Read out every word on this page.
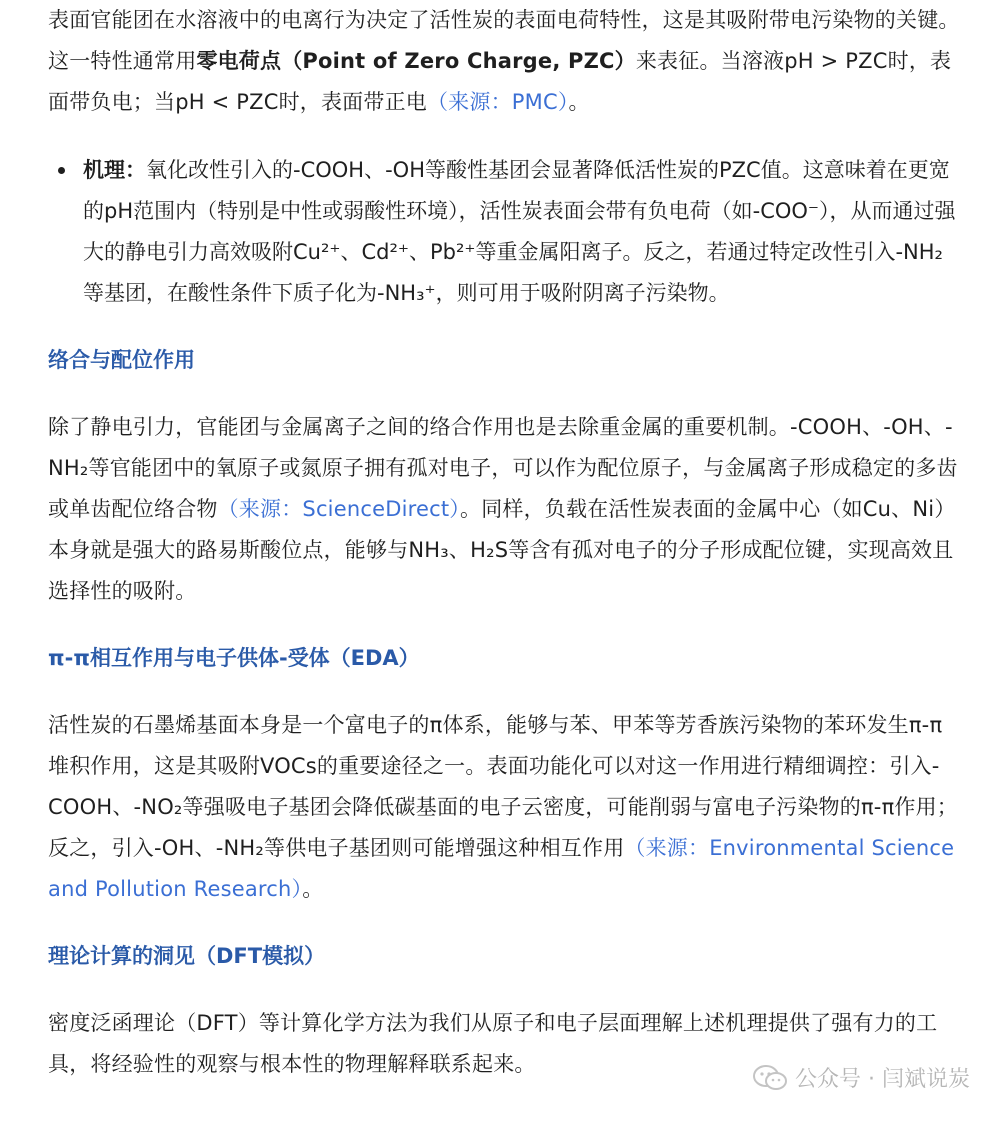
表面官能团在水溶液中的电离行为决定了活性炭的表面电荷特性，这是其吸附带电污染物的关键。这一特性通常用零电荷点（Point of Zero Charge, PZC）来表征。当溶液pH > PZC时，表面带负电；当pH < PZC时，表面带正电（来源：PMC）。

机理：氧化改性引入的-COOH、-OH等酸性基团会显著降低活性炭的PZC值。这意味着在更宽的pH范围内（特别是中性或弱酸性环境），活性炭表面会带有负电荷（如-COO⁻），从而通过强大的静电引力高效吸附Cu²⁺、Cd²⁺、Pb²⁺等重金属阳离子。反之，若通过特定改性引入-NH₂等基团，在酸性条件下质子化为-NH₃⁺，则可用于吸附阴离子污染物。
络合与配位作用

除了静电引力，官能团与金属离子之间的络合作用也是去除重金属的重要机制。-COOH、-OH、-NH₂等官能团中的氧原子或氮原子拥有孤对电子，可以作为配位原子，与金属离子形成稳定的多齿或单齿配位络合物（来源：ScienceDirect）。同样，负载在活性炭表面的金属中心（如Cu、Ni）本身就是强大的路易斯酸位点，能够与NH₃、H₂S等含有孤对电子的分子形成配位键，实现高效且选择性的吸附。

π-π相互作用与电子供体-受体（EDA）

活性炭的石墨烯基面本身是一个富电子的π体系，能够与苯、甲苯等芳香族污染物的苯环发生π-π堆积作用，这是其吸附VOCs的重要途径之一。表面功能化可以对这一作用进行精细调控：引入-COOH、-NO₂等强吸电子基团会降低碳基面的电子云密度，可能削弱与富电子污染物的π-π作用；反之，引入-OH、-NH₂等供电子基团则可能增强这种相互作用（来源：Environmental Science and Pollution Research）。

理论计算的洞见（DFT模拟）

密度泛函理论（DFT）等计算化学方法为我们从原子和电子层面理解上述机理提供了强有力的工具，将经验性的观察与根本性的物理解释联系起来。

公众号 · 闫斌说炭
